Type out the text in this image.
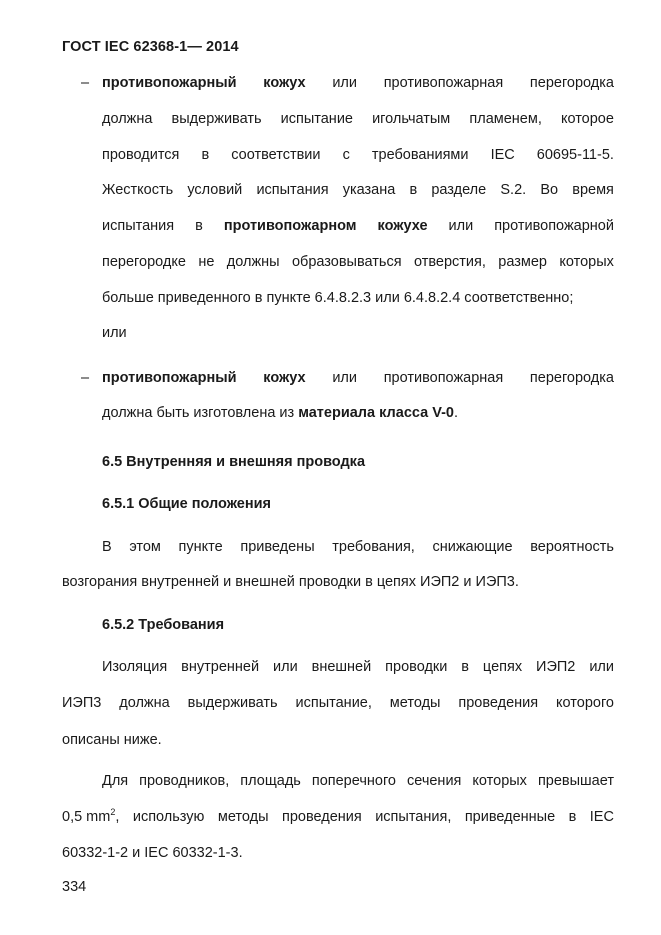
ГОСТ IEC 62368-1— 2014
– противопожарный кожух или противопожарная перегородка
должна выдерживать испытание игольчатым пламенем, которое
проводится в соответствии с требованиями IEC 60695-11-5.
Жесткость условий испытания указана в разделе S.2. Во время
испытания в противопожарном кожухе или противопожарной
перегородке не должны образовываться отверстия, размер которых
больше приведенного в пункте 6.4.8.2.3 или 6.4.8.2.4 соответственно;
или
– противопожарный кожух или противопожарная перегородка
должна быть изготовлена из материала класса V-0.
6.5 Внутренняя и внешняя проводка
6.5.1 Общие положения
В этом пункте приведены требования, снижающие вероятность
возгорания внутренней и внешней проводки в цепях ИЭП2 и ИЭП3.
6.5.2 Требования
Изоляция внутренней или внешней проводки в цепях ИЭП2 или
ИЭП3 должна выдерживать испытание, методы проведения которого
описаны ниже.
Для проводников, площадь поперечного сечения которых превышает
0,5 $mm^2$, использую методы проведения испытания, приведенные в IEC
60332-1-2 и IEC 60332-1-3.
334
